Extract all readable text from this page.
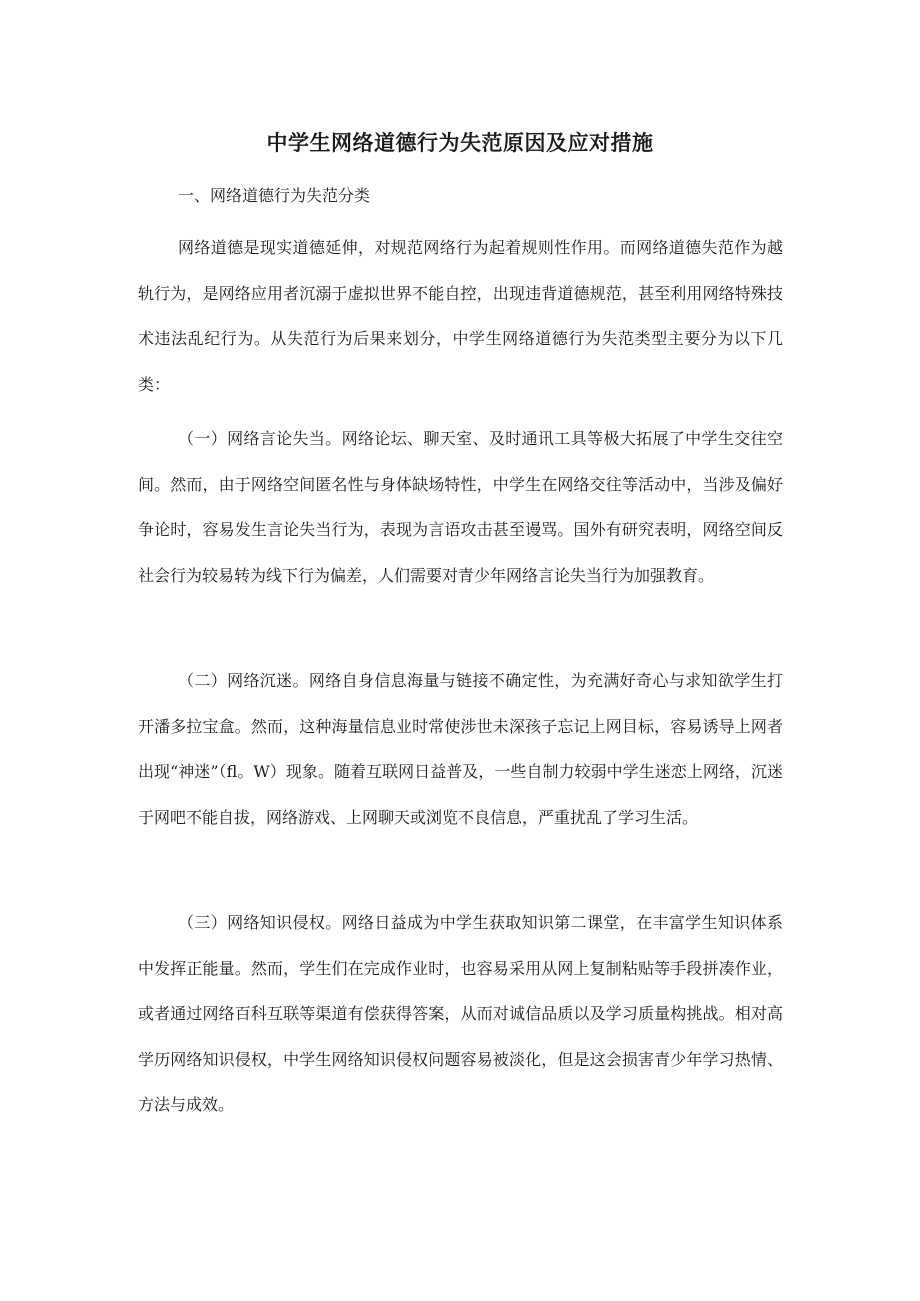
中学生网络道德行为失范原因及应对措施

一、网络道德行为失范分类

网络道德是现实道德延伸，对规范网络行为起着规则性作用。而网络道德失范作为越轨行为，是网络应用者沉溺于虚拟世界不能自控，出现违背道德规范，甚至利用网络特殊技术违法乱纪行为。从失范行为后果来划分，中学生网络道德行为失范类型主要分为以下几类：

（一）网络言论失当。网络论坛、聊天室、及时通讯工具等极大拓展了中学生交往空间。然而，由于网络空间匿名性与身体缺场特性，中学生在网络交往等活动中，当涉及偏好争论时，容易发生言论失当行为，表现为言语攻击甚至谩骂。国外有研究表明，网络空间反社会行为较易转为线下行为偏差，人们需要对青少年网络言论失当行为加强教育。

（二）网络沉迷。网络自身信息海量与链接不确定性，为充满好奇心与求知欲学生打开潘多拉宝盒。然而，这种海量信息业时常使涉世未深孩子忘记上网目标，容易诱导上网者出现“神迷”（fl。W）现象。随着互联网日益普及，一些自制力较弱中学生迷恋上网络，沉迷于网吧不能自拔，网络游戏、上网聊天或浏览不良信息，严重扰乱了学习生活。

（三）网络知识侵权。网络日益成为中学生获取知识第二课堂，在丰富学生知识体系中发挥正能量。然而，学生们在完成作业时，也容易采用从网上复制粘贴等手段拼凑作业，或者通过网络百科互联等渠道有偿获得答案，从而对诚信品质以及学习质量构挑战。相对高学历网络知识侵权，中学生网络知识侵权问题容易被淡化，但是这会损害青少年学习热情、方法与成效。
